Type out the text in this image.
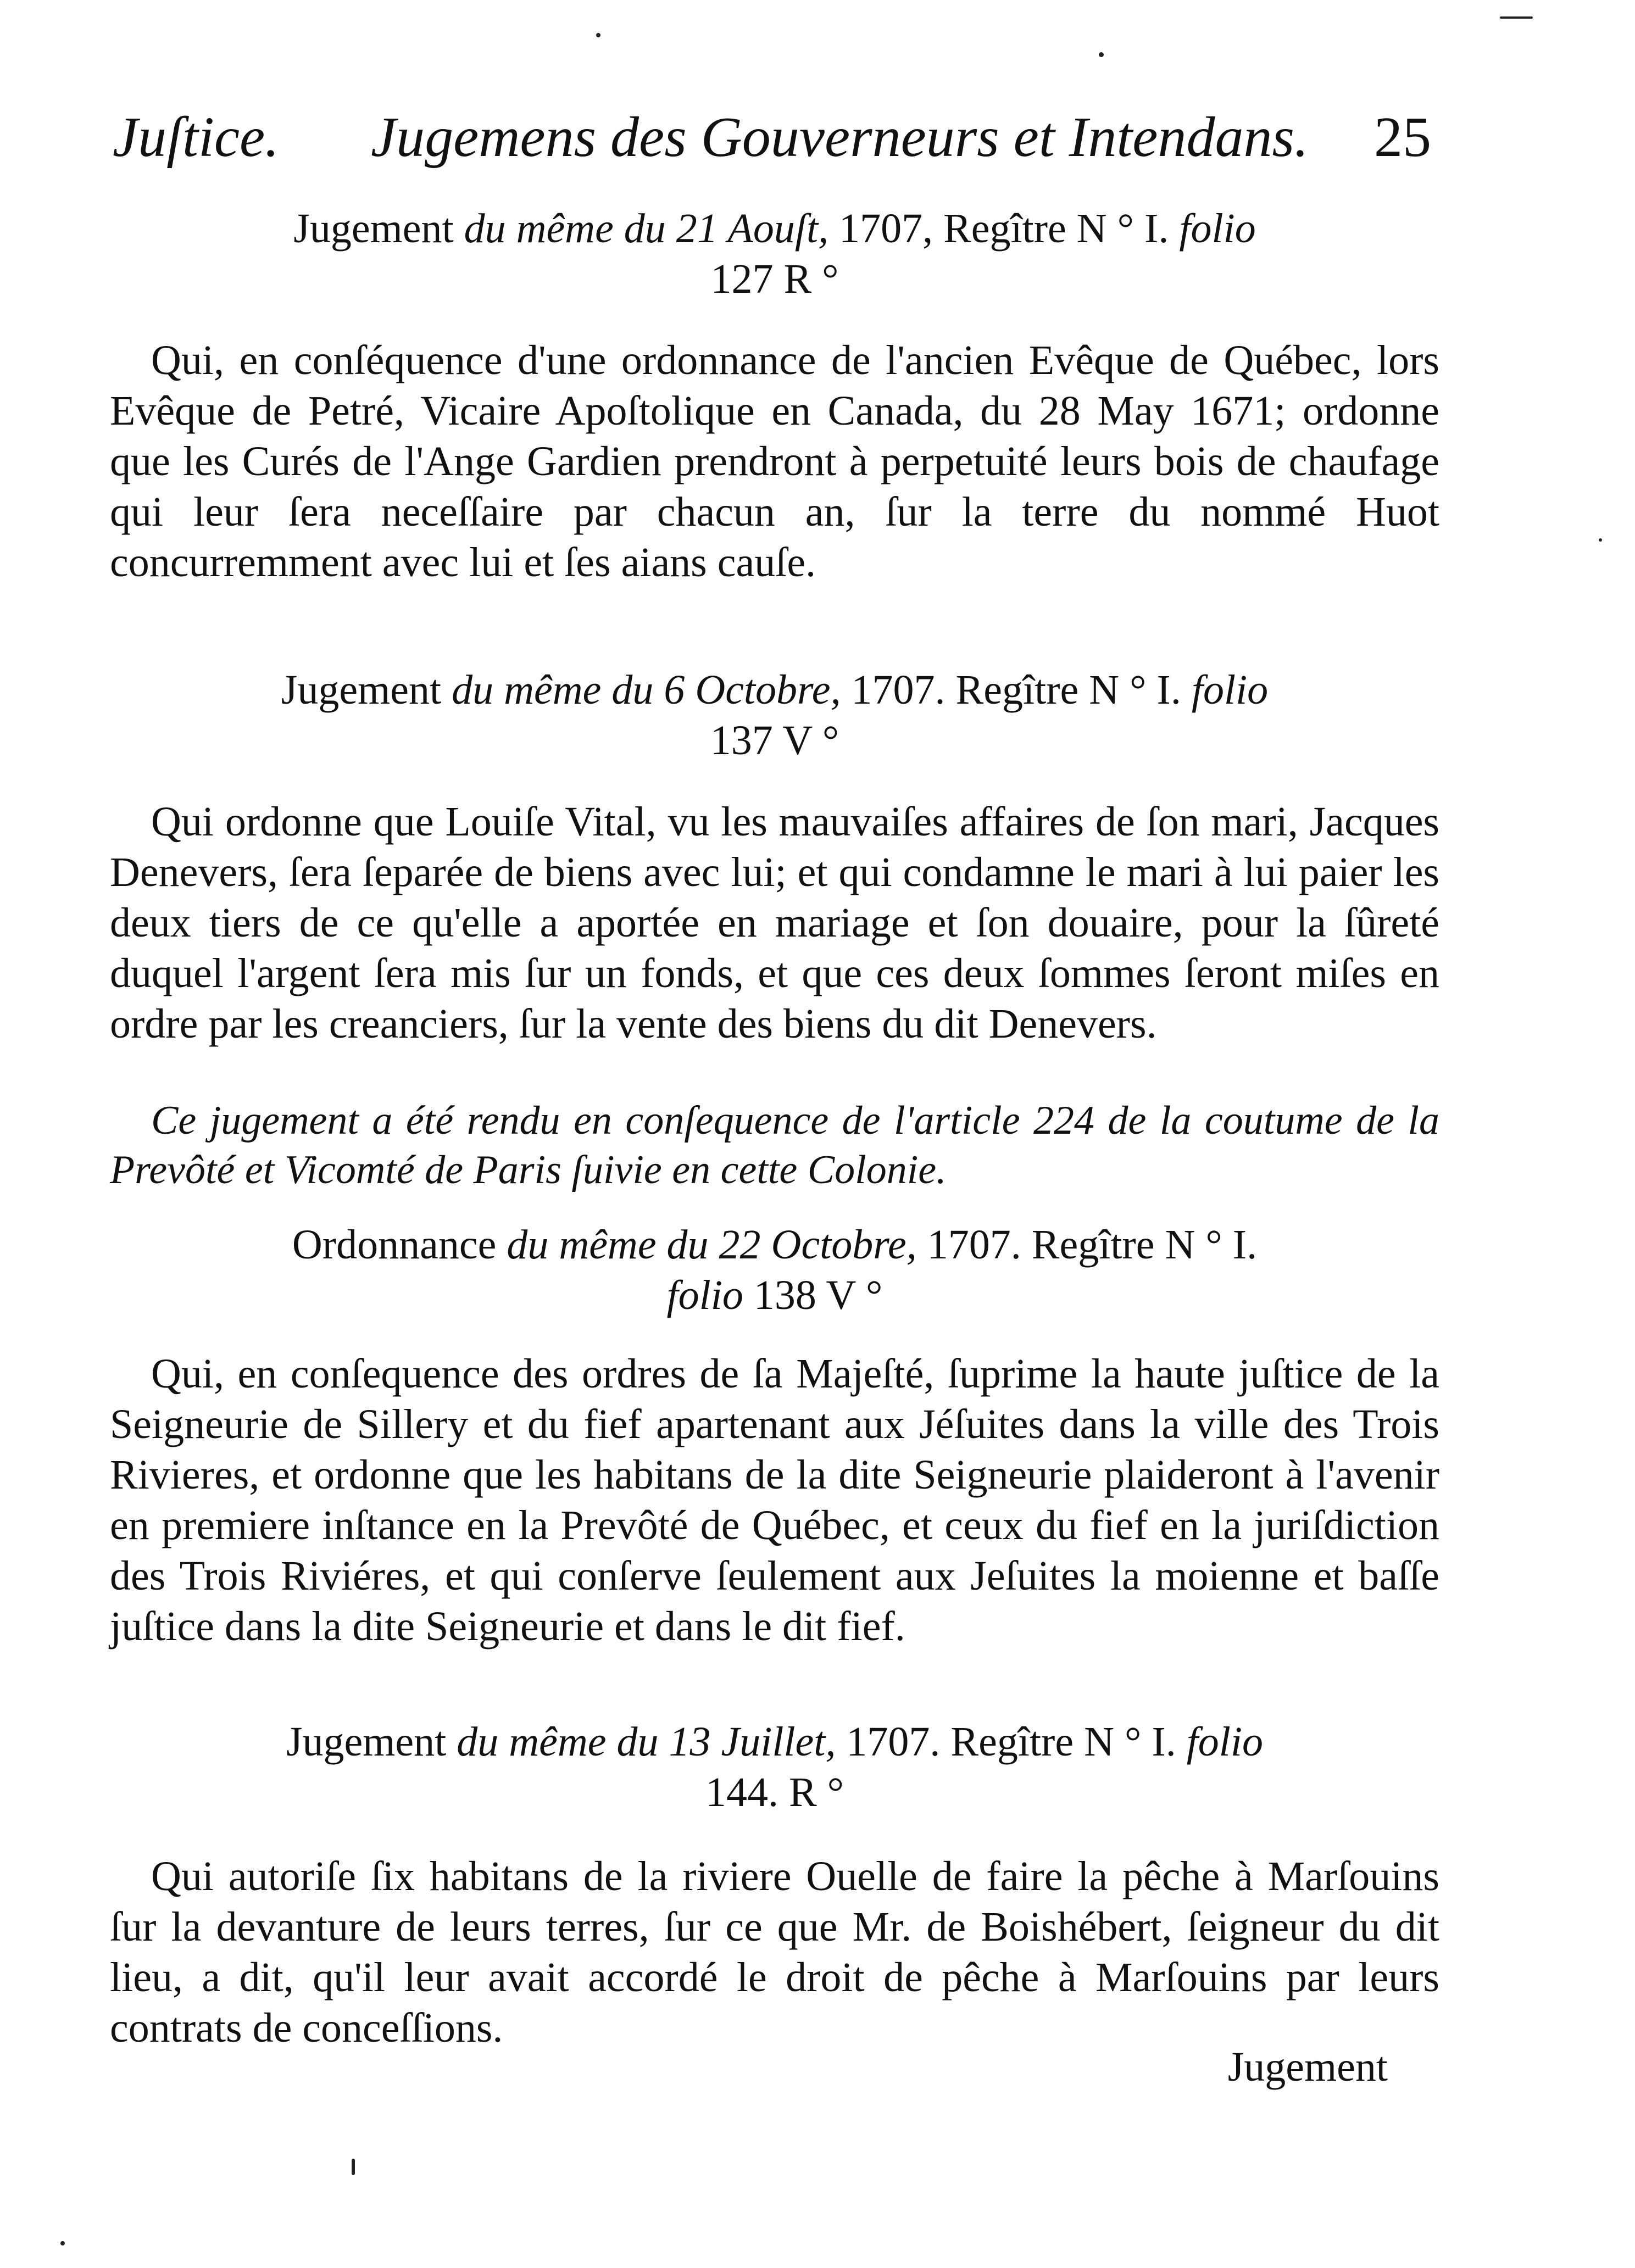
Juſtice. Jugemens des Gouverneurs et Intendans. 25
Jugement du même du 21 Aouſt, 1707, Regître N ° I. folio
127 R °
Qui, en conſéquence d'une ordonnance de l'ancien Evêque de Québec, lors Evêque de Petré, Vicaire Apoſtolique en Canada, du 28 May 1671; ordonne que les Curés de l'Ange Gardien prendront à perpetuité leurs bois de chaufage qui leur ſera neceſſaire par chacun an, ſur la terre du nommé Huot concurremment avec lui et ſes aians cauſe.
Jugement du même du 6 Octobre, 1707. Regître N ° I. folio
137 V °
Qui ordonne que Louiſe Vital, vu les mauvaiſes affaires de ſon mari, Jacques Denevers, ſera ſeparée de biens avec lui; et qui condamne le mari à lui paier les deux tiers de ce qu'elle a aportée en mariage et ſon douaire, pour la ſûreté duquel l'argent ſera mis ſur un fonds, et que ces deux ſommes ſeront miſes en ordre par les creanciers, ſur la vente des biens du dit Denevers.
Ce jugement a été rendu en conſequence de l'article 224 de la coutume de la Prevôté et Vicomté de Paris ſuivie en cette Colonie.
Ordonnance du même du 22 Octobre, 1707. Regître N ° I.
folio 138 V °
Qui, en conſequence des ordres de ſa Majeſté, ſuprime la haute juſtice de la Seigneurie de Sillery et du fief apartenant aux Jéſuites dans la ville des Trois Rivieres, et ordonne que les habitans de la dite Seigneurie plaideront à l'avenir en premiere inſtance en la Prevôté de Québec, et ceux du fief en la juriſdiction des Trois Riviéres, et qui conſerve ſeulement aux Jeſuites la moienne et baſſe juſtice dans la dite Seigneurie et dans le dit fief.
Jugement du même du 13 Juillet, 1707. Regître N ° I. folio
144. R °
Qui autoriſe ſix habitans de la riviere Ouelle de faire la pêche à Marſouins ſur la devanture de leurs terres, ſur ce que Mr. de Boishébert, ſeigneur du dit lieu, a dit, qu'il leur avait accordé le droit de pêche à Marſouins par leurs contrats de conceſſions.
Jugement
